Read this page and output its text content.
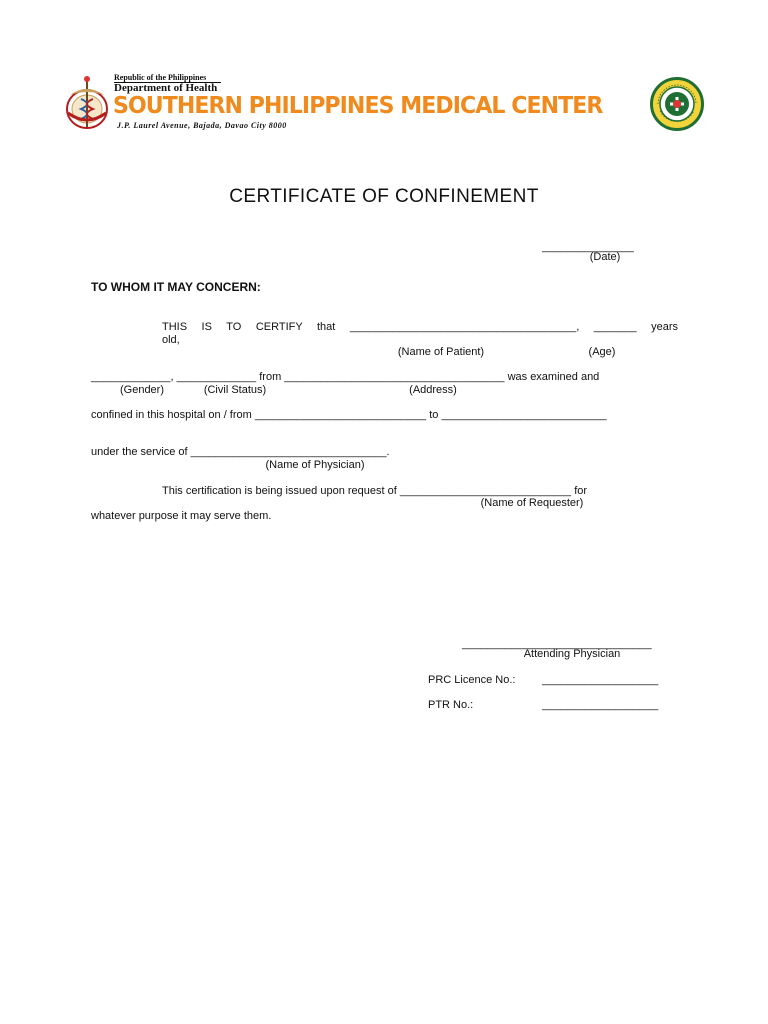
Republic of the Philippines
Department of Health
SOUTHERN PHILIPPINES MEDICAL CENTER
J.P. Laurel Avenue, Bajada, Davao City 8000
CERTIFICATE OF CONFINEMENT
_______________
(Date)
TO WHOM IT MAY CONCERN:
THIS IS TO CERTIFY that _____________________________________, _______ years
old,
(Name of Patient)	(Age)
_____________, _____________ from ____________________________________ was examined and
(Gender)	(Civil Status)	(Address)
confined in this hospital on / from ____________________________ to ___________________________
under the service of ________________________________.
(Name of Physician)
This certification is being issued upon request of ____________________________ for
(Name of Requester)
whatever purpose it may serve them.
_______________________________
Attending Physician
PRC Licence No.: ___________________
PTR No.:	___________________
